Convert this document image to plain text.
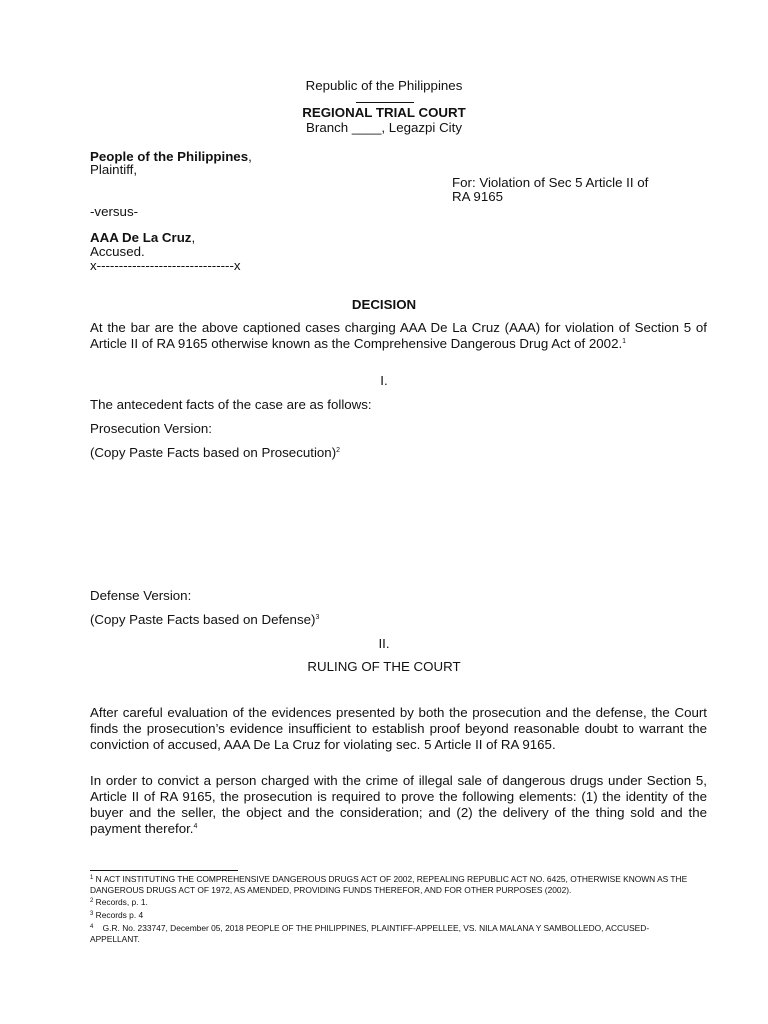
Republic of the Philippines
REGIONAL TRIAL COURT
Branch ____, Legazpi City
People of the Philippines,
Plaintiff,
For: Violation of Sec 5 Article II of
RA 9165
-versus-
AAA De La Cruz,
Accused.
x-------------------------------x
DECISION
At the bar are the above captioned cases charging AAA De La Cruz (AAA) for violation of Section 5 of Article II of RA 9165 otherwise known as the Comprehensive Dangerous Drug Act of 2002.$^1$
I.
The antecedent facts of the case are as follows:
Prosecution Version:
(Copy Paste Facts based on Prosecution)$^2$
Defense Version:
(Copy Paste Facts based on Defense)$^3$
II.
RULING OF THE COURT
After careful evaluation of the evidences presented by both the prosecution and the defense, the Court finds the prosecution’s evidence insufficient to establish proof beyond reasonable doubt to warrant the conviction of accused, AAA De La Cruz for violating sec. 5 Article II of RA 9165.
In order to convict a person charged with the crime of illegal sale of dangerous drugs under Section 5, Article II of RA 9165, the prosecution is required to prove the following elements: (1) the identity of the buyer and the seller, the object and the consideration; and (2) the delivery of the thing sold and the payment therefor.$^4$
$^1$ N ACT INSTITUTING THE COMPREHENSIVE DANGEROUS DRUGS ACT OF 2002, REPEALING REPUBLIC ACT NO. 6425, OTHERWISE KNOWN AS THE DANGEROUS DRUGS ACT OF 1972, AS AMENDED, PROVIDING FUNDS THEREFOR, AND FOR OTHER PURPOSES (2002).
$^2$ Records, p. 1.
$^3$ Records p. 4
$^4$ G.R. No. 233747, December 05, 2018 PEOPLE OF THE PHILIPPINES, PLAINTIFF-APPELLEE, VS. NILA MALANA Y SAMBOLLEDO, ACCUSED-APPELLANT.
